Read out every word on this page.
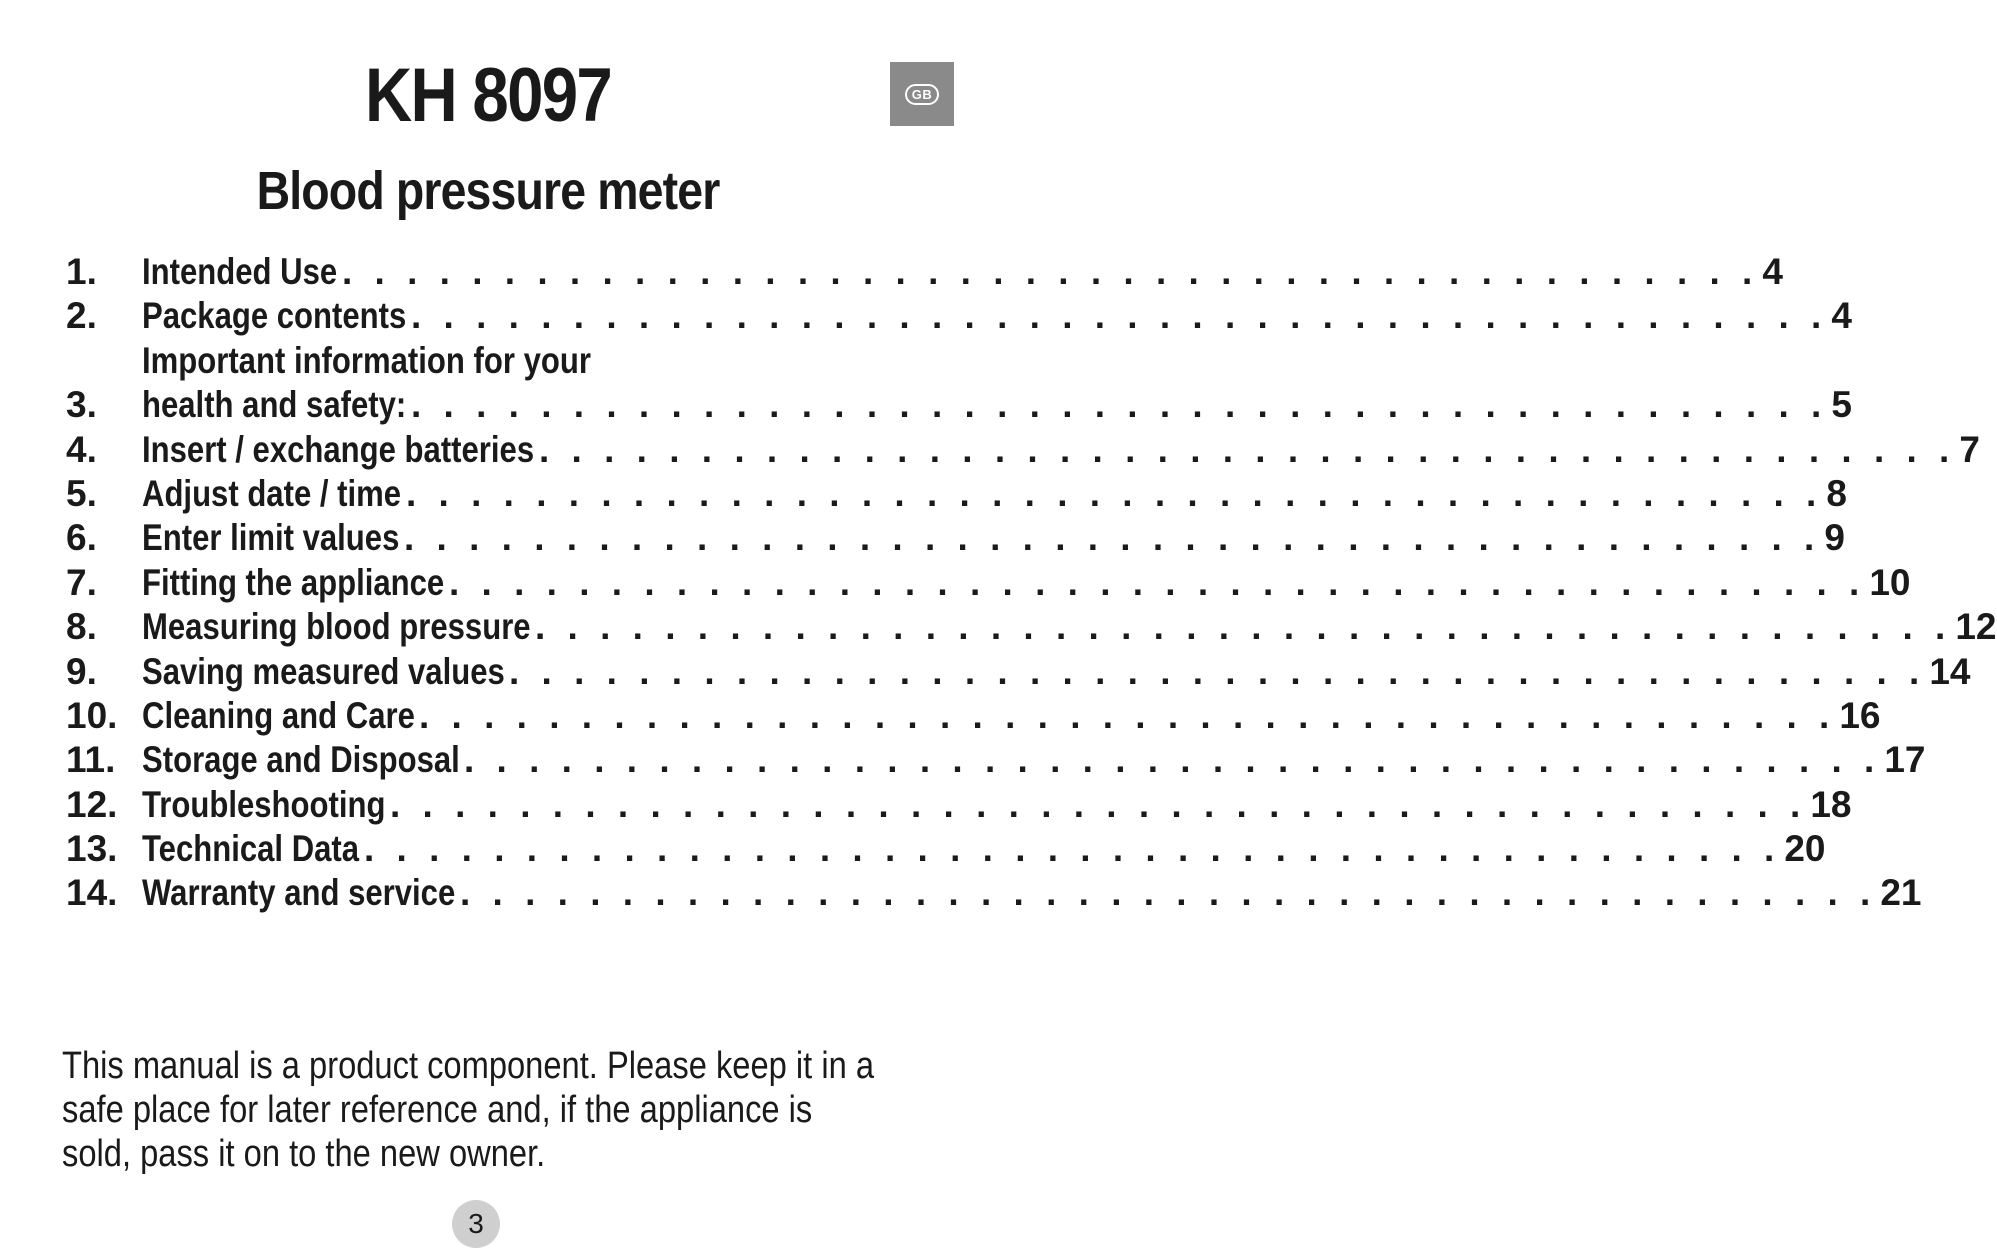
GB
KH 8097
Blood pressure meter
1.	Intended Use . . .	4
2.	Package contents . . .	4
3.
Important information for your
health and safety: . . .	5
4.	Insert / exchange batteries . . .	7
5.	Adjust date / time . . .	8
6.	Enter limit values . . .	9
7.	Fitting the appliance . . .	10
8.	Measuring blood pressure . . .	12
9.	Saving measured values . . .	14
10. Cleaning and Care . . .	16
11. Storage and Disposal . . .	17
12. Troubleshooting . . .	18
13. Technical Data . . .	20
14. Warranty and service . . .	21
This manual is a product component. Please keep it in a
safe place for later reference and, if the appliance is
sold, pass it on to the new owner.
3
